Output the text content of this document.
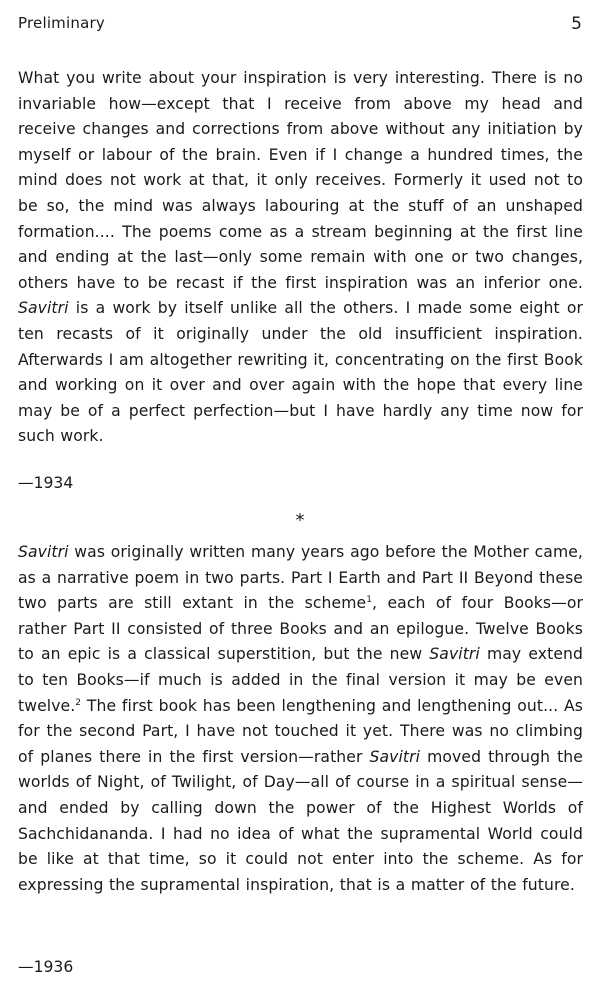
Preliminary	5

What you write about your inspiration is very interesting. There is no invariable how—except that I receive from above my head and receive changes and corrections from above without any initiation by myself or labour of the brain. Even if I change a hundred times, the mind does not work at that, it only receives. Formerly it used not to be so, the mind was always labouring at the stuff of an unshaped formation.... The poems come as a stream beginning at the first line and ending at the last—only some remain with one or two changes, others have to be recast if the first inspiration was an inferior one. Savitri is a work by itself unlike all the others. I made some eight or ten recasts of it originally under the old insufficient inspiration. Afterwards I am altogether rewriting it, concentrating on the first Book and working on it over and over again with the hope that every line may be of a perfect perfection—but I have hardly any time now for such work.

—1934

*

Savitri was originally written many years ago before the Mother came, as a narrative poem in two parts. Part I Earth and Part II Beyond these two parts are still extant in the scheme$^1$, each of four Books—or rather Part II consisted of three Books and an epilogue. Twelve Books to an epic is a classical superstition, but the new Savitri may extend to ten Books—if much is added in the final version it may be even twelve.$^2$ The first book has been lengthening and lengthening out... As for the second Part, I have not touched it yet. There was no climbing of planes there in the first version—rather Savitri moved through the worlds of Night, of Twilight, of Day—all of course in a spiritual sense—and ended by calling down the power of the Highest Worlds of Sachchidananda. I had no idea of what the supramental World could be like at that time, so it could not enter into the scheme. As for expressing the supramental inspiration, that is a matter of the future.

—1936
